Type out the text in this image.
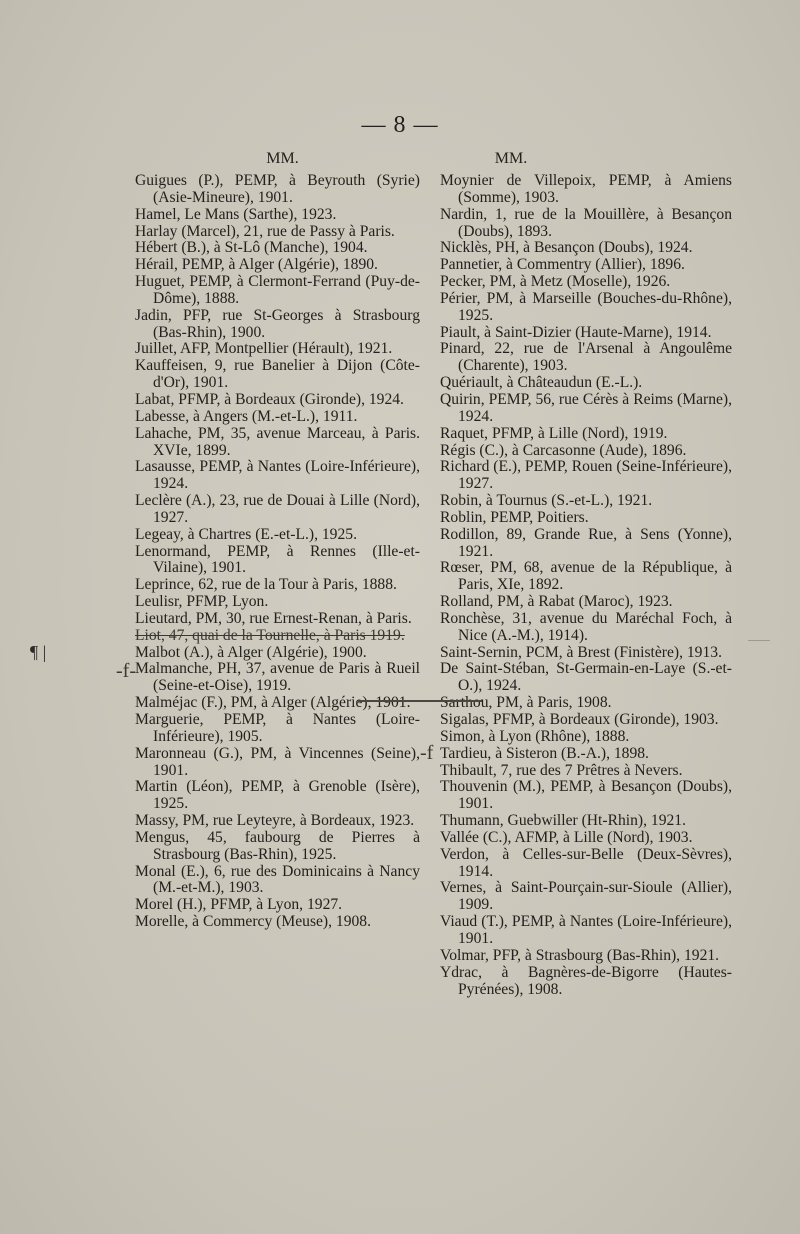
— 8 —
MM.
Guigues (P.), PEMP, à Beyrouth (Syrie) (Asie-Mineure), 1901.
Hamel, Le Mans (Sarthe), 1923.
Harlay (Marcel), 21, rue de Passy à Paris.
Hébert (B.), à St-Lô (Manche), 1904.
Hérail, PEMP, à Alger (Algérie), 1890.
Huguet, PEMP, à Clermont-Ferrand (Puy-de-Dôme), 1888.
Jadin, PFP, rue St-Georges à Strasbourg (Bas-Rhin), 1900.
Juillet, AFP, Montpellier (Hérault), 1921.
Kauffeisen, 9, rue Banelier à Dijon (Côte-d'Or), 1901.
Labat, PFMP, à Bordeaux (Gironde), 1924.
Labesse, à Angers (M.-et-L.), 1911.
Lahache, PM, 35, avenue Marceau, à Paris. XVIe, 1899.
Lasausse, PEMP, à Nantes (Loire-Inférieure), 1924.
Leclère (A.), 23, rue de Douai à Lille (Nord), 1927.
Legeay, à Chartres (E.-et-L.), 1925.
Lenormand, PEMP, à Rennes (Ille-et-Vilaine), 1901.
Leprince, 62, rue de la Tour à Paris, 1888.
Leulisr, PFMP, Lyon.
Lieutard, PM, 30, rue Ernest-Renan, à Paris.
Liot, 47, quai de la Tournelle, à Paris 1919.
Malbot (A.), à Alger (Algérie), 1900.
Malmanche, PH, 37, avenue de Paris à Rueil (Seine-et-Oise), 1919.
Malméjac (F.), PM, à Alger (Algérie), 1901.
Marguerie, PEMP, à Nantes (Loire-Inférieure), 1905.
Maronneau (G.), PM, à Vincennes (Seine), 1901.
Martin (Léon), PEMP, à Grenoble (Isère), 1925.
Massy, PM, rue Leyteyre, à Bordeaux, 1923.
Mengus, 45, faubourg de Pierres à Strasbourg (Bas-Rhin), 1925.
Monal (E.), 6, rue des Dominicains à Nancy (M.-et-M.), 1903.
Morel (H.), PFMP, à Lyon, 1927.
Morelle, à Commercy (Meuse), 1908.
MM.
Moynier de Villepoix, PEMP, à Amiens (Somme), 1903.
Nardin, 1, rue de la Mouillère, à Besançon (Doubs), 1893.
Nicklès, PH, à Besançon (Doubs), 1924.
Pannetier, à Commentry (Allier), 1896.
Pecker, PM, à Metz (Moselle), 1926.
Périer, PM, à Marseille (Bouches-du-Rhône), 1925.
Piault, à Saint-Dizier (Haute-Marne), 1914.
Pinard, 22, rue de l'Arsenal à Angoulême (Charente), 1903.
Quériault, à Châteaudun (E.-L.).
Quirin, PEMP, 56, rue Cérès à Reims (Marne), 1924.
Raquet, PFMP, à Lille (Nord), 1919.
Régis (C.), à Carcasonne (Aude), 1896.
Richard (E.), PEMP, Rouen (Seine-Inférieure), 1927.
Robin, à Tournus (S.-et-L.), 1921.
Roblin, PEMP, Poitiers.
Rodillon, 89, Grande Rue, à Sens (Yonne), 1921.
Rœser, PM, 68, avenue de la République, à Paris, XIe, 1892.
Rolland, PM, à Rabat (Maroc), 1923.
Ronchèse, 31, avenue du Maréchal Foch, à Nice (A.-M.), 1914).
Saint-Sernin, PCM, à Brest (Finistère), 1913.
De Saint-Stéban, St-Germain-en-Laye (S.-et-O.), 1924.
Sarthou, PM, à Paris, 1908.
Sigalas, PFMP, à Bordeaux (Gironde), 1903.
Simon, à Lyon (Rhône), 1888.
Tardieu, à Sisteron (B.-A.), 1898.
Thibault, 7, rue des 7 Prêtres à Nevers.
Thouvenin (M.), PEMP, à Besançon (Doubs), 1901.
Thumann, Guebwiller (Ht-Rhin), 1921.
Vallée (C.), AFMP, à Lille (Nord), 1903.
Verdon, à Celles-sur-Belle (Deux-Sèvres), 1914.
Vernes, à Saint-Pourçain-sur-Sioule (Allier), 1909.
Viaud (T.), PEMP, à Nantes (Loire-Inférieure), 1901.
Volmar, PFP, à Strasbourg (Bas-Rhin), 1921.
Ydrac, à Bagnères-de-Bigorre (Hautes-Pyrénées), 1908.
-f-
-f
¶ |
